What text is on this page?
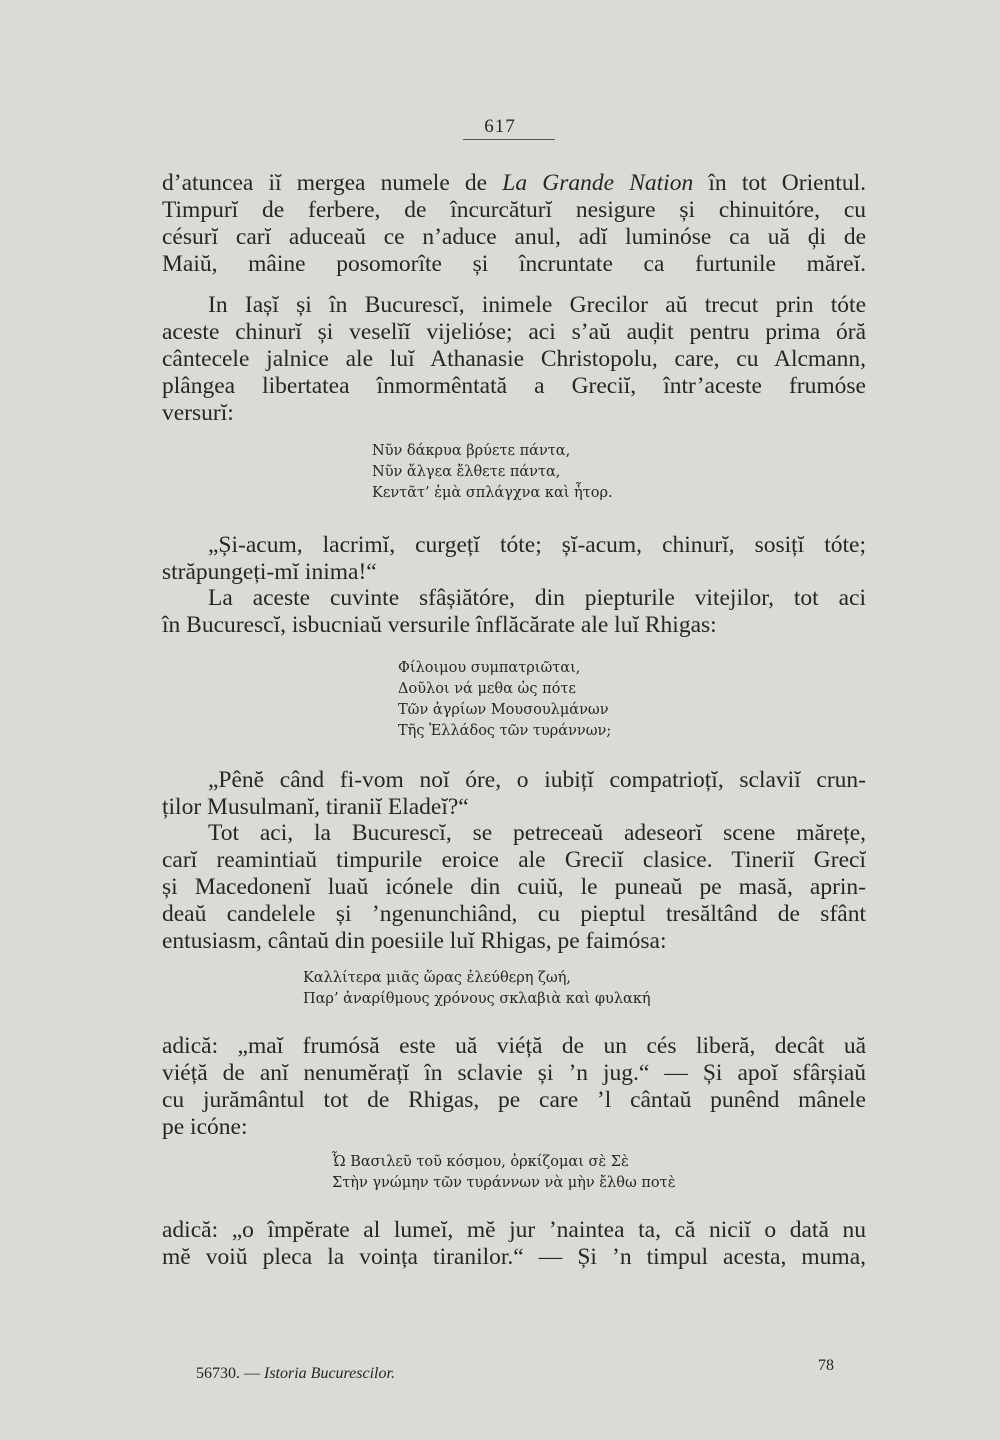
617

d’atuncea iĭ mergea numele de La Grande Nation în tot Orientul.
Timpurĭ de ferbere, de încurcăturĭ nesigure și chinuitóre, cu
césurĭ carĭ aduceaŭ ce n’aduce anul, adĭ luminóse ca uă ḑi de
Maiŭ, mâine posomorîte și încruntate ca furtunile măreĭ.

In Iașĭ și în Bucurescĭ, inimele Grecilor aŭ trecut prin tóte
aceste chinurĭ și veselĭĭ vijeliόse; aci s’aŭ auḑit pentru prima óră
cântecele jalnice ale luĭ Athanasie Christopolu, care, cu Alcmann,
plângea libertatea înmormêntată a Greciĭ, într’aceste frumóse
versurĭ:

Νῦν δάκρυα βρύετε πάντα,
Νῦν ἄλγεα ἔλθετε πάντα,
Κεντᾶτ’ ἐμὰ σπλάγχνα καὶ ἦτορ.

„Și-acum, lacrimĭ, curgețĭ tóte; șĭ-acum, chinurĭ, sosițĭ tóte;
străpungeți-mĭ inima!“

La aceste cuvinte sfâșiătóre, din piepturile vitejilor, tot aci
în Bucurescĭ, isbucniaŭ versurile înflăcărate ale luĭ Rhigas:

Φίλοιμου συμπατριῶται,
Δοῦλοι νά μεθα ὡς πότε
Τῶν ἀγρίων Μουσουλμάνων
Τῆς Ἑλλάδος τῶν τυράννων;

„Pênĕ când fi-vom noĭ óre, o iubițĭ compatriоțĭ, sclaviĭ crun-
ților Musulmanĭ, tiraniĭ Eladeĭ?“

Tot aci, la Bucurescĭ, se petreceaŭ adeseorĭ scene mărețe,
carĭ reamintiaŭ timpurile eroice ale Greciĭ clasice. Tineriĭ Grecĭ
și Macedonenĭ luaŭ icónele din cuiŭ, le puneaŭ pe masă, aprin-
deaŭ candelele și ’ngenunchiând, cu pieptul tresăltând de sfânt
entusiasm, cântaŭ din poesiile luĭ Rhigas, pe faimósa:

Καλλίτερα μιᾶς ὥρας ἐλεύθερη ζωή,
Παρ’ ἀναρίθμους χρόνους σκλαβιὰ καὶ φυλακή

adică: „maĭ frumósă este uă viéță de un cés liberă, decât uă
viéță de anĭ nenumĕrațĭ în sclavie și ’n jug.“ — Și apoĭ sfârșiaŭ
cu jurământul tot de Rhigas, pe care ’l cântaŭ punênd mânele
pe icóne:

Ὦ Βασιλεῦ τοῦ κόσμου, ὁρκίζομαι σὲ Σὲ
Στὴν γνώμην τῶν τυράννων νὰ μὴν ἔλθω ποτὲ

adică: „o împĕrate al lumeĭ, mĕ jur ’naintea ta, că niciĭ o dată nu
mĕ voiŭ pleca la voința tiranilor.“ — Și ’n timpul acesta, muma,

56730. — Istoria Bucurescilor.	78
